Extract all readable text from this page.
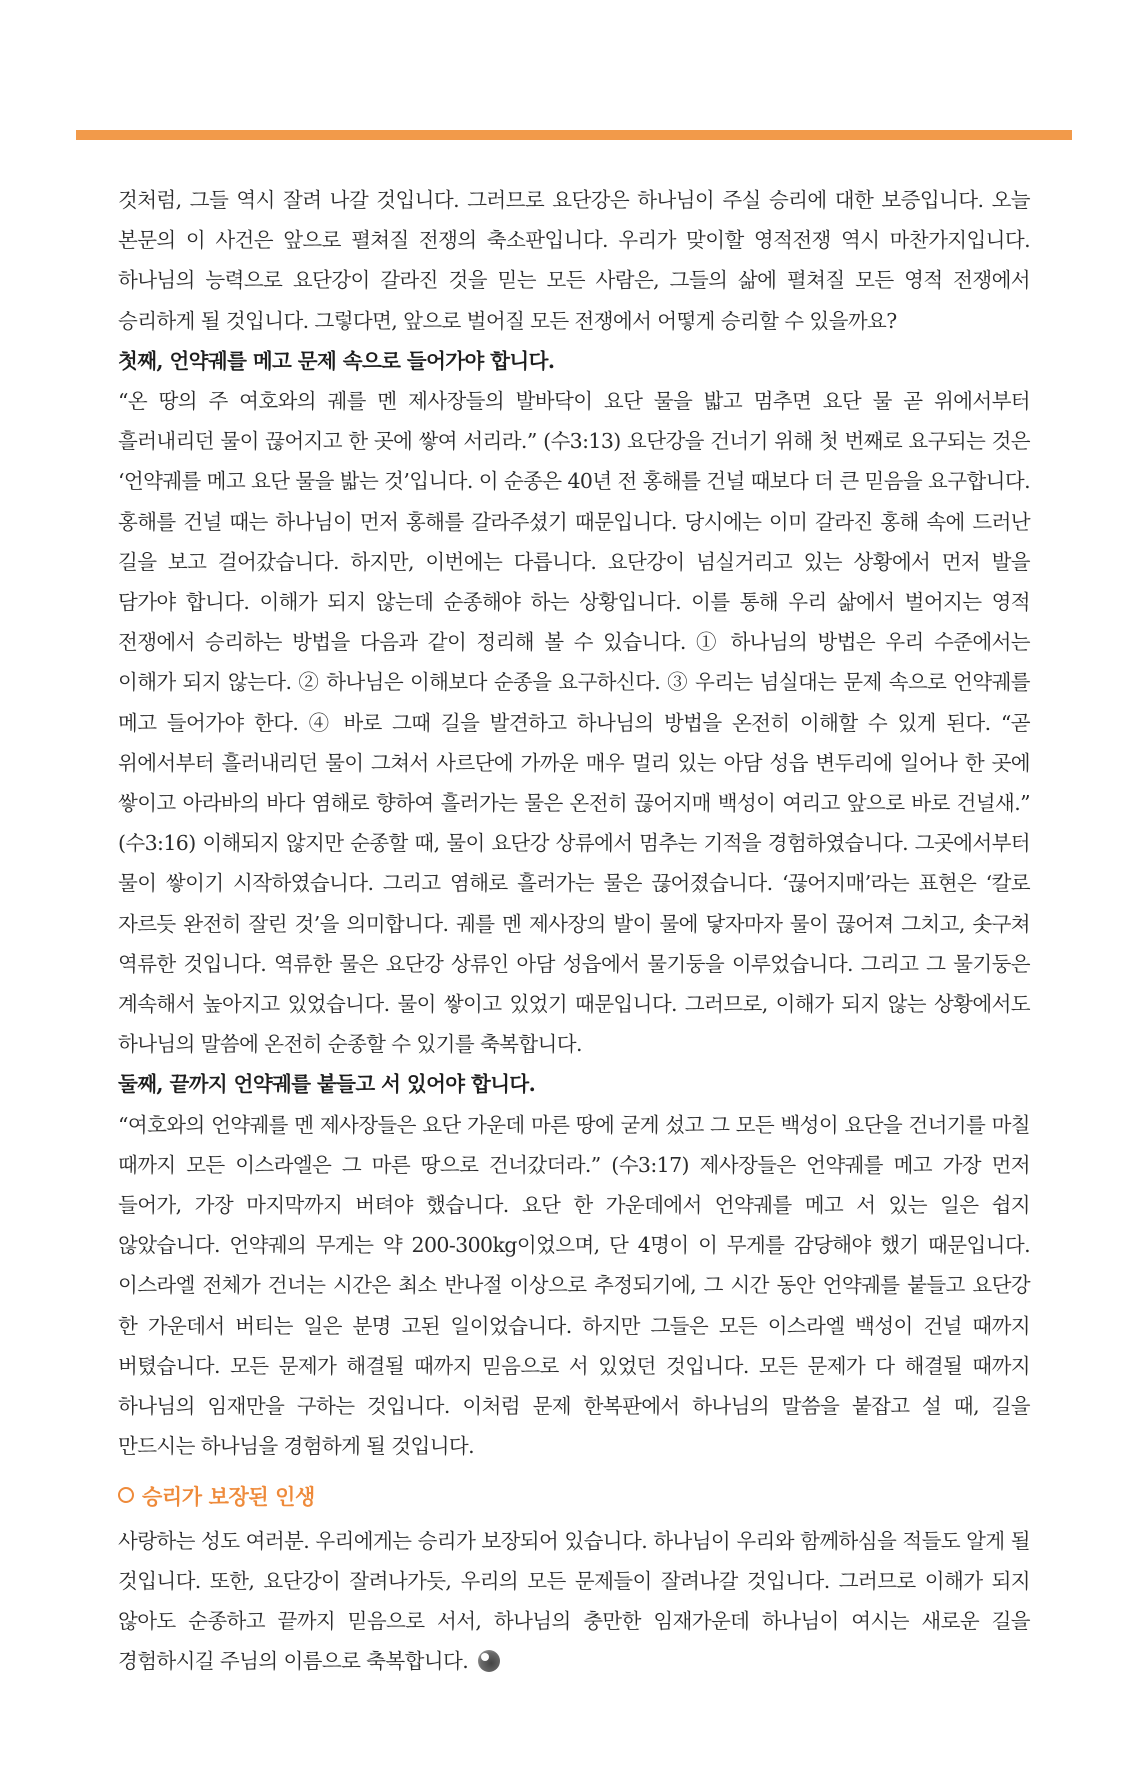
것처럼, 그들 역시 잘려 나갈 것입니다. 그러므로 요단강은 하나님이 주실 승리에 대한 보증입니다. 오늘 본문의 이 사건은 앞으로 펼쳐질 전쟁의 축소판입니다. 우리가 맞이할 영적전쟁 역시 마찬가지입니다. 하나님의 능력으로 요단강이 갈라진 것을 믿는 모든 사람은, 그들의 삶에 펼쳐질 모든 영적 전쟁에서 승리하게 될 것입니다. 그렇다면, 앞으로 벌어질 모든 전쟁에서 어떻게 승리할 수 있을까요?

첫째, 언약궤를 메고 문제 속으로 들어가야 합니다.

“온 땅의 주 여호와의 궤를 멘 제사장들의 발바닥이 요단 물을 밟고 멈추면 요단 물 곧 위에서부터 흘러내리던 물이 끊어지고 한 곳에 쌓여 서리라.” (수3:13) 요단강을 건너기 위해 첫 번째로 요구되는 것은 ‘언약궤를 메고 요단 물을 밟는 것’입니다. 이 순종은 40년 전 홍해를 건널 때보다 더 큰 믿음을 요구합니다. 홍해를 건널 때는 하나님이 먼저 홍해를 갈라주셨기 때문입니다. 당시에는 이미 갈라진 홍해 속에 드러난 길을 보고 걸어갔습니다. 하지만, 이번에는 다릅니다. 요단강이 넘실거리고 있는 상황에서 먼저 발을 담가야 합니다. 이해가 되지 않는데 순종해야 하는 상황입니다. 이를 통해 우리 삶에서 벌어지는 영적 전쟁에서 승리하는 방법을 다음과 같이 정리해 볼 수 있습니다. ① 하나님의 방법은 우리 수준에서는 이해가 되지 않는다. ② 하나님은 이해보다 순종을 요구하신다. ③ 우리는 넘실대는 문제 속으로 언약궤를 메고 들어가야 한다. ④ 바로 그때 길을 발견하고 하나님의 방법을 온전히 이해할 수 있게 된다. “곧 위에서부터 흘러내리던 물이 그쳐서 사르단에 가까운 매우 멀리 있는 아담 성읍 변두리에 일어나 한 곳에 쌓이고 아라바의 바다 염해로 향하여 흘러가는 물은 온전히 끊어지매 백성이 여리고 앞으로 바로 건널새.” (수3:16) 이해되지 않지만 순종할 때, 물이 요단강 상류에서 멈추는 기적을 경험하였습니다. 그곳에서부터 물이 쌓이기 시작하였습니다. 그리고 염해로 흘러가는 물은 끊어졌습니다. ‘끊어지매’라는 표현은 ‘칼로 자르듯 완전히 잘린 것’을 의미합니다. 궤를 멘 제사장의 발이 물에 닿자마자 물이 끊어져 그치고, 솟구쳐 역류한 것입니다. 역류한 물은 요단강 상류인 아담 성읍에서 물기둥을 이루었습니다. 그리고 그 물기둥은 계속해서 높아지고 있었습니다. 물이 쌓이고 있었기 때문입니다. 그러므로, 이해가 되지 않는 상황에서도 하나님의 말씀에 온전히 순종할 수 있기를 축복합니다.

둘째, 끝까지 언약궤를 붙들고 서 있어야 합니다.

“여호와의 언약궤를 멘 제사장들은 요단 가운데 마른 땅에 굳게 섰고 그 모든 백성이 요단을 건너기를 마칠 때까지 모든 이스라엘은 그 마른 땅으로 건너갔더라.” (수3:17) 제사장들은 언약궤를 메고 가장 먼저 들어가, 가장 마지막까지 버텨야 했습니다. 요단 한 가운데에서 언약궤를 메고 서 있는 일은 쉽지 않았습니다. 언약궤의 무게는 약 200-300kg이었으며, 단 4명이 이 무게를 감당해야 했기 때문입니다. 이스라엘 전체가 건너는 시간은 최소 반나절 이상으로 추정되기에, 그 시간 동안 언약궤를 붙들고 요단강 한 가운데서 버티는 일은 분명 고된 일이었습니다. 하지만 그들은 모든 이스라엘 백성이 건널 때까지 버텼습니다. 모든 문제가 해결될 때까지 믿음으로 서 있었던 것입니다. 모든 문제가 다 해결될 때까지 하나님의 임재만을 구하는 것입니다. 이처럼 문제 한복판에서 하나님의 말씀을 붙잡고 설 때, 길을 만드시는 하나님을 경험하게 될 것입니다.

승리가 보장된 인생

사랑하는 성도 여러분. 우리에게는 승리가 보장되어 있습니다. 하나님이 우리와 함께하심을 적들도 알게 될 것입니다. 또한, 요단강이 잘려나가듯, 우리의 모든 문제들이 잘려나갈 것입니다. 그러므로 이해가 되지 않아도 순종하고 끝까지 믿음으로 서서, 하나님의 충만한 임재가운데 하나님이 여시는 새로운 길을 경험하시길 주님의 이름으로 축복합니다.
